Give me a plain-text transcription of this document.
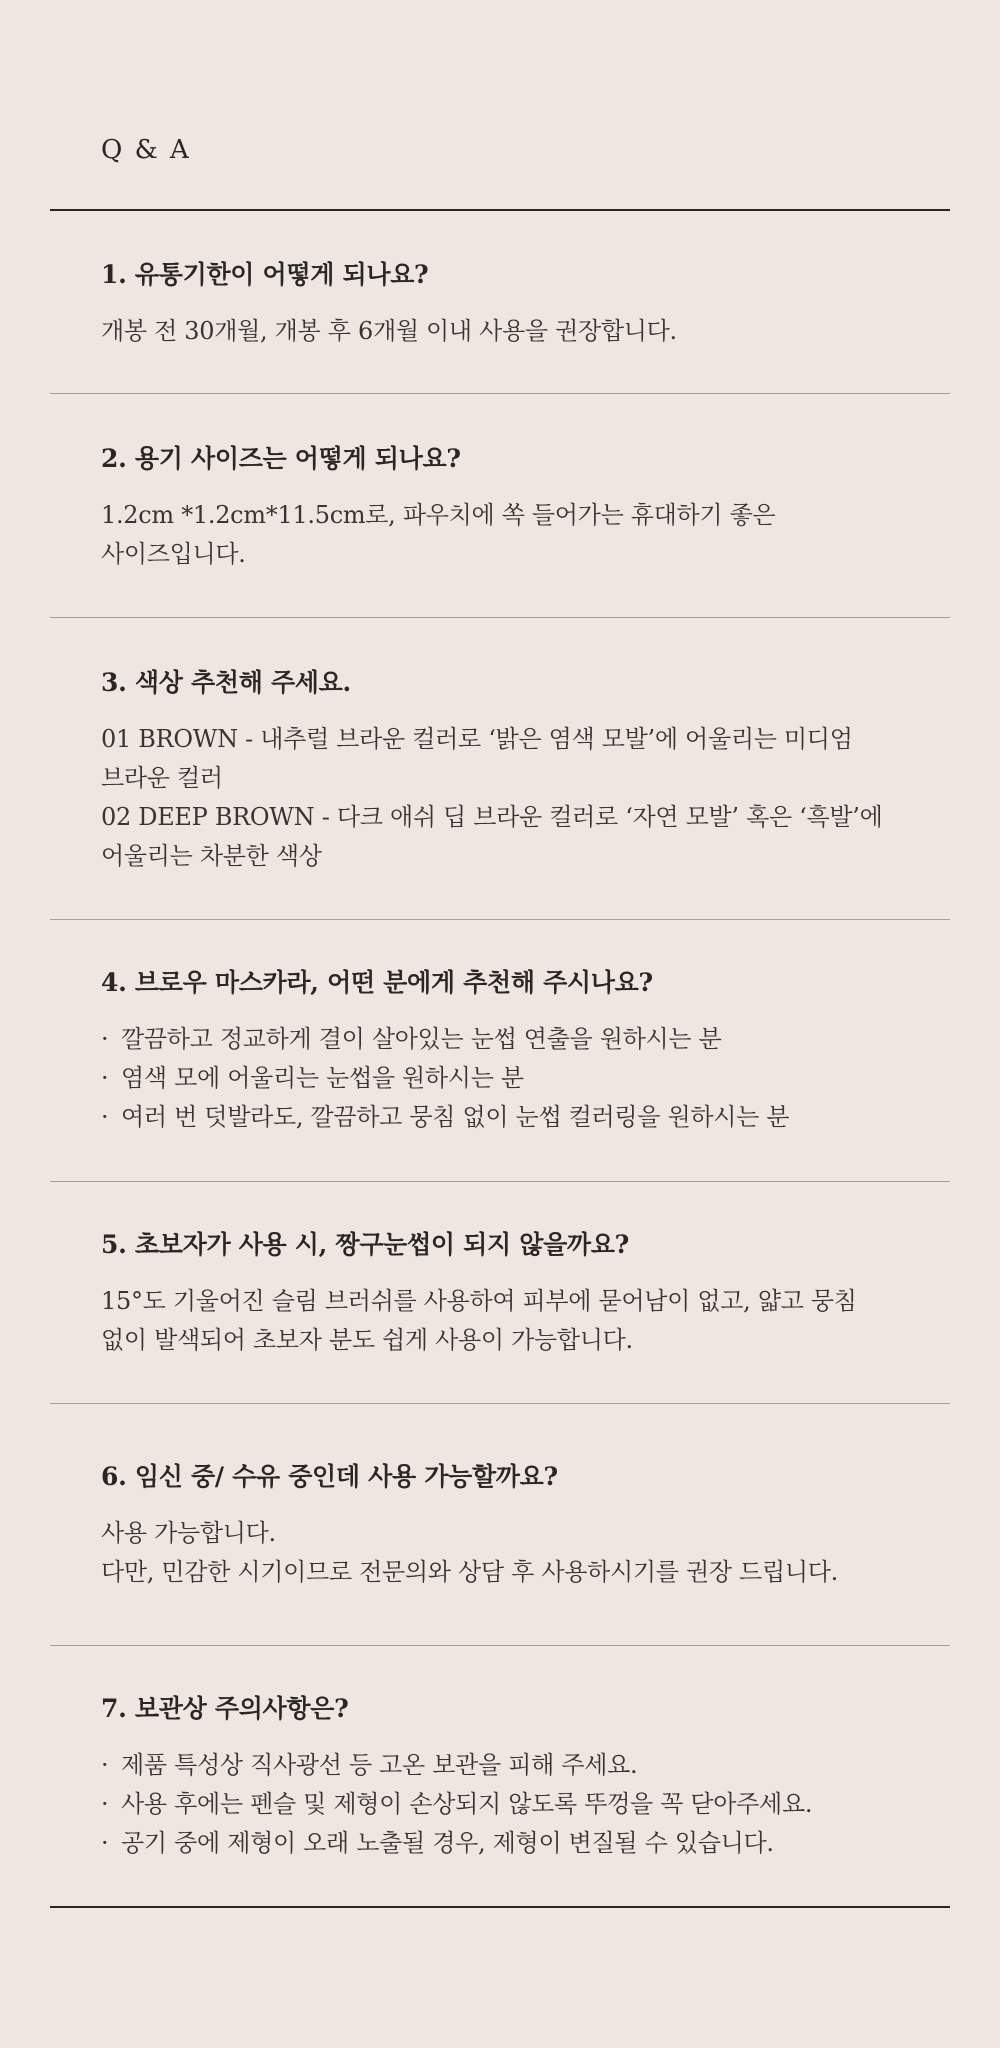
Q & A

1. 유통기한이 어떻게 되나요?

개봉 전 30개월, 개봉 후 6개월 이내 사용을 권장합니다.

2. 용기 사이즈는 어떻게 되나요?

1.2cm *1.2cm*11.5cm로, 파우치에 쏙 들어가는 휴대하기 좋은

사이즈입니다.

3. 색상 추천해 주세요.

01 BROWN - 내추럴 브라운 컬러로 ‘밝은 염색 모발’에 어울리는 미디엄

브라운 컬러

02 DEEP BROWN - 다크 애쉬 딥 브라운 컬러로 ‘자연 모발’ 혹은 ‘흑발’에

어울리는 차분한 색상

4. 브로우 마스카라, 어떤 분에게 추천해 주시나요?

· 깔끔하고 정교하게 결이 살아있는 눈썹 연출을 원하시는 분
· 염색 모에 어울리는 눈썹을 원하시는 분
· 여러 번 덧발라도, 깔끔하고 뭉침 없이 눈썹 컬러링을 원하시는 분

5. 초보자가 사용 시, 짱구눈썹이 되지 않을까요?

15°도 기울어진 슬림 브러쉬를 사용하여 피부에 묻어남이 없고, 얇고 뭉침

없이 발색되어 초보자 분도 쉽게 사용이 가능합니다.

6. 임신 중/ 수유 중인데 사용 가능할까요?

사용 가능합니다.

다만, 민감한 시기이므로 전문의와 상담 후 사용하시기를 권장 드립니다.

7. 보관상 주의사항은?

· 제품 특성상 직사광선 등 고온 보관을 피해 주세요.
· 사용 후에는 펜슬 및 제형이 손상되지 않도록 뚜껑을 꼭 닫아주세요.
· 공기 중에 제형이 오래 노출될 경우, 제형이 변질될 수 있습니다.
